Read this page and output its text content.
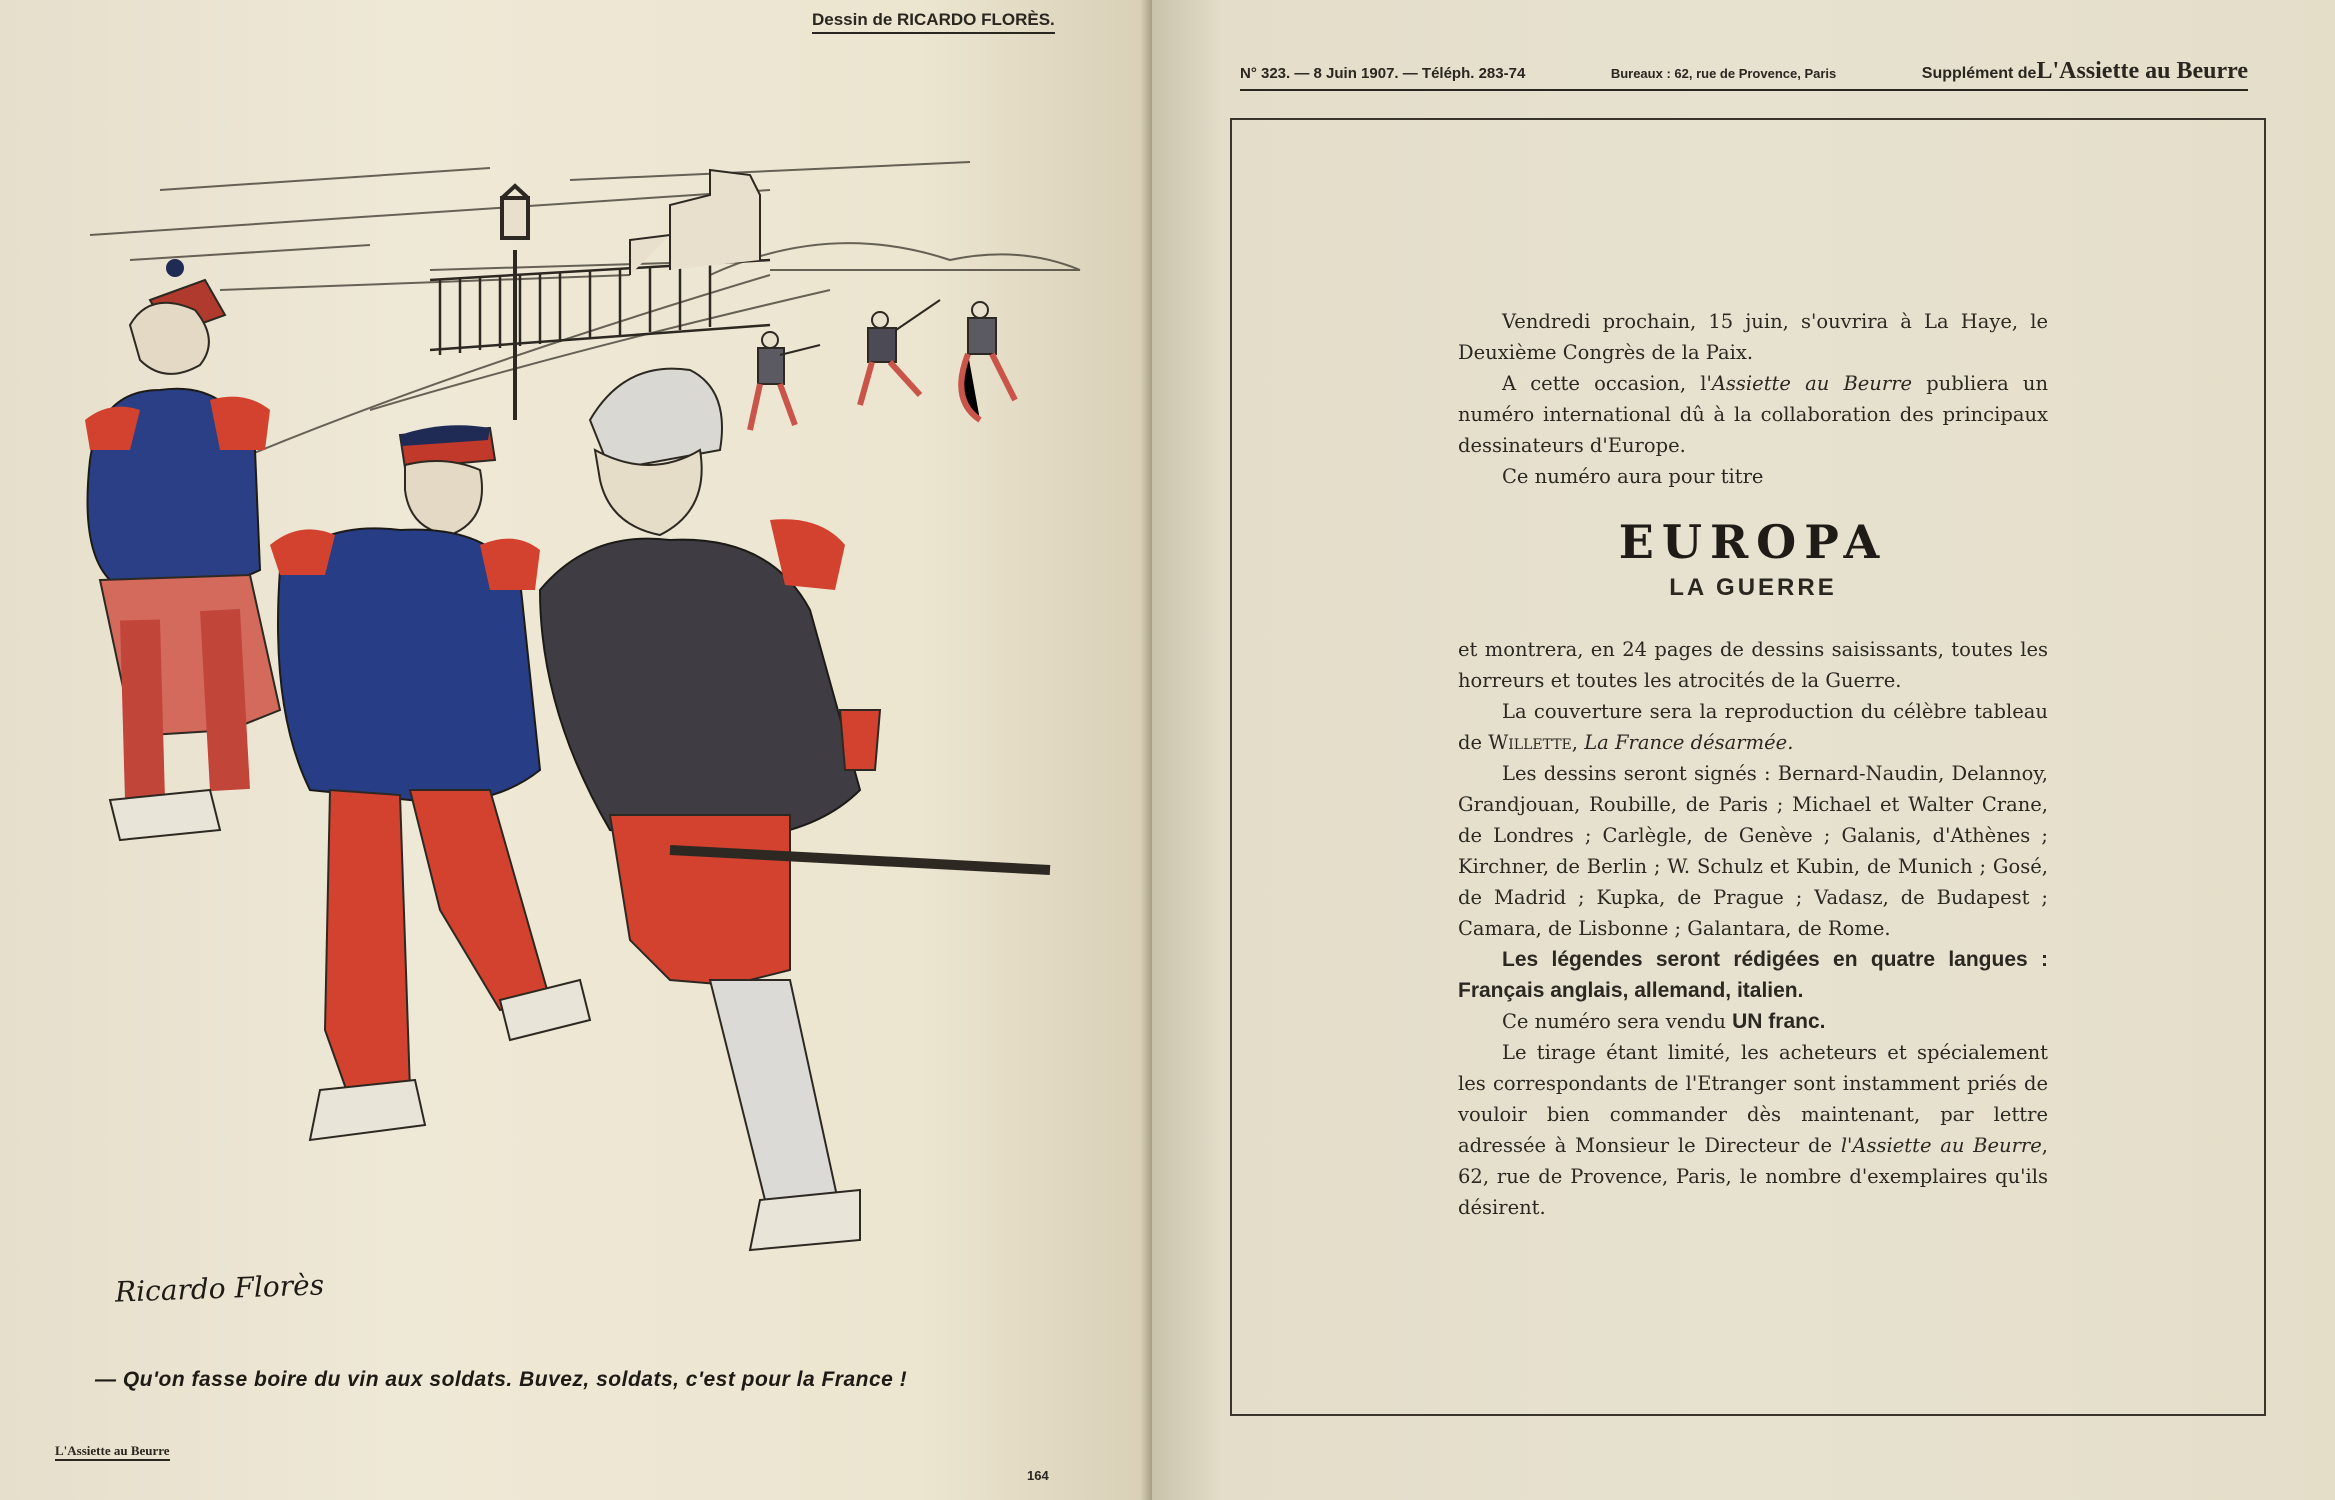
Dessin de RICARDO FLORÈS.
Ricardo Florès
— Qu'on fasse boire du vin aux soldats. Buvez, soldats, c'est pour la France !
L'Assiette au Beurre
164
N° 323. — 8 Juin 1907. — Téléph. 283-74	Bureaux : 62, rue de Provence, Paris	Supplément deL'Assiette au Beurre

Vendredi prochain, 15 juin, s'ouvrira à La Haye, le Deuxième Congrès de la Paix.

A cette occasion, l'Assiette au Beurre publiera un numéro international dû à la collaboration des principaux dessinateurs d'Europe.

Ce numéro aura pour titre

EUROPA
LA GUERRE

et montrera, en 24 pages de dessins saisissants, toutes les horreurs et toutes les atrocités de la Guerre.

La couverture sera la reproduction du célèbre tableau de Willette, La France désarmée.

Les dessins seront signés : Bernard-Naudin, Delannoy, Grandjouan, Roubille, de Paris ; Michael et Walter Crane, de Londres ; Carlègle, de Genève ; Galanis, d'Athènes ; Kirchner, de Berlin ; W. Schulz et Kubin, de Munich ; Gosé, de Madrid ; Kupka, de Prague ; Vadasz, de Budapest ; Camara, de Lisbonne ; Galantara, de Rome.

Les légendes seront rédigées en quatre langues : Français anglais, allemand, italien.

Ce numéro sera vendu UN franc.

Le tirage étant limité, les acheteurs et spécialement les correspondants de l'Etranger sont instamment priés de vouloir bien commander dès maintenant, par lettre adressée à Monsieur le Directeur de l'Assiette au Beurre, 62, rue de Provence, Paris, le nombre d'exemplaires qu'ils désirent.
